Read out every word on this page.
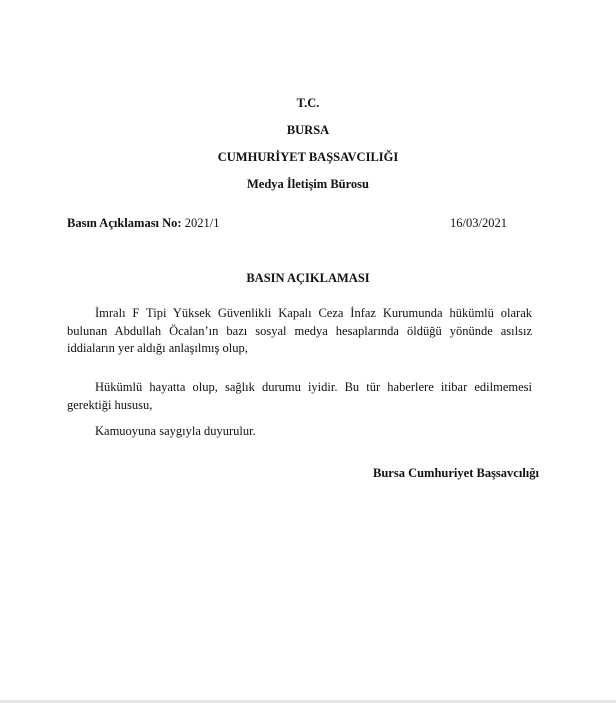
T.C.
BURSA
CUMHURİYET BAŞSAVCILIĞI
Medya İletişim Bürosu
Basın Açıklaması No: 2021/1	16/03/2021
BASIN AÇIKLAMASI

İmralı F Tipi Yüksek Güvenlikli Kapalı Ceza İnfaz Kurumunda hükümlü olarak bulunan Abdullah Öcalan’ın bazı sosyal medya hesaplarında öldüğü yönünde asılsız iddiaların yer aldığı anlaşılmış olup,

Hükümlü hayatta olup, sağlık durumu iyidir. Bu tür haberlere itibar edilmemesi gerektiği hususu,

Kamuoyuna saygıyla duyurulur.

Bursa Cumhuriyet Başsavcılığı
